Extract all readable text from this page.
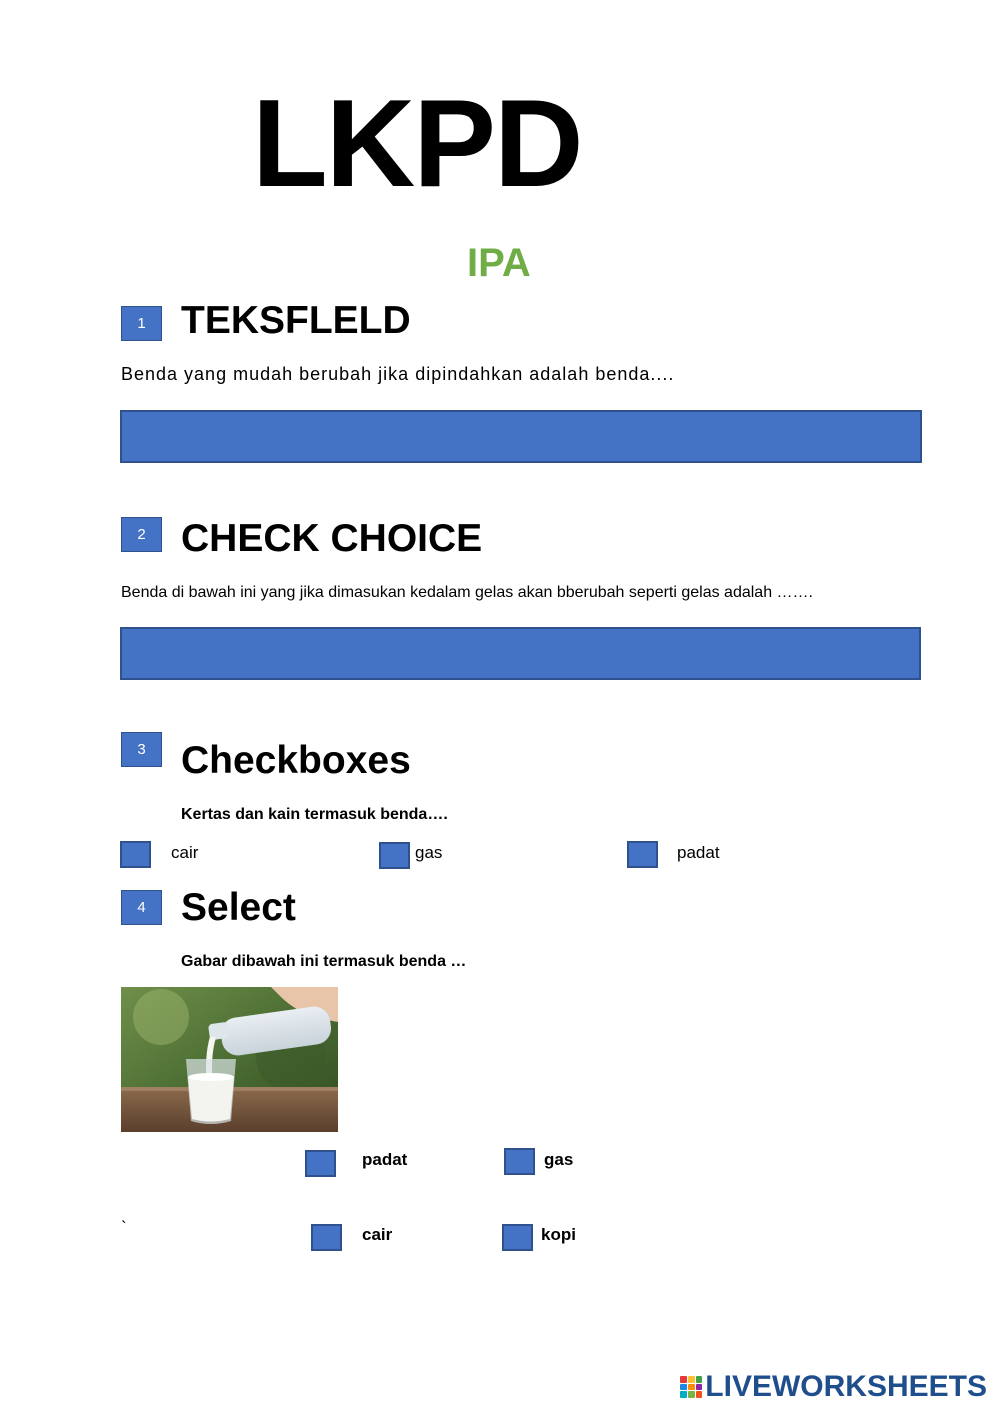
LKPD
IPA
1 TEKSFLELD
Benda yang mudah berubah jika dipindahkan adalah benda....
2 CHECK CHOICE
Benda di bawah ini yang jika dimasukan kedalam gelas akan bberubah seperti gelas adalah …….
3 Checkboxes
Kertas dan kain termasuk benda….
cair	gas	padat
4 Select
Gabar dibawah ini termasuk benda …
padat	gas
`	cair	kopi
LIVEWORKSHEETS
